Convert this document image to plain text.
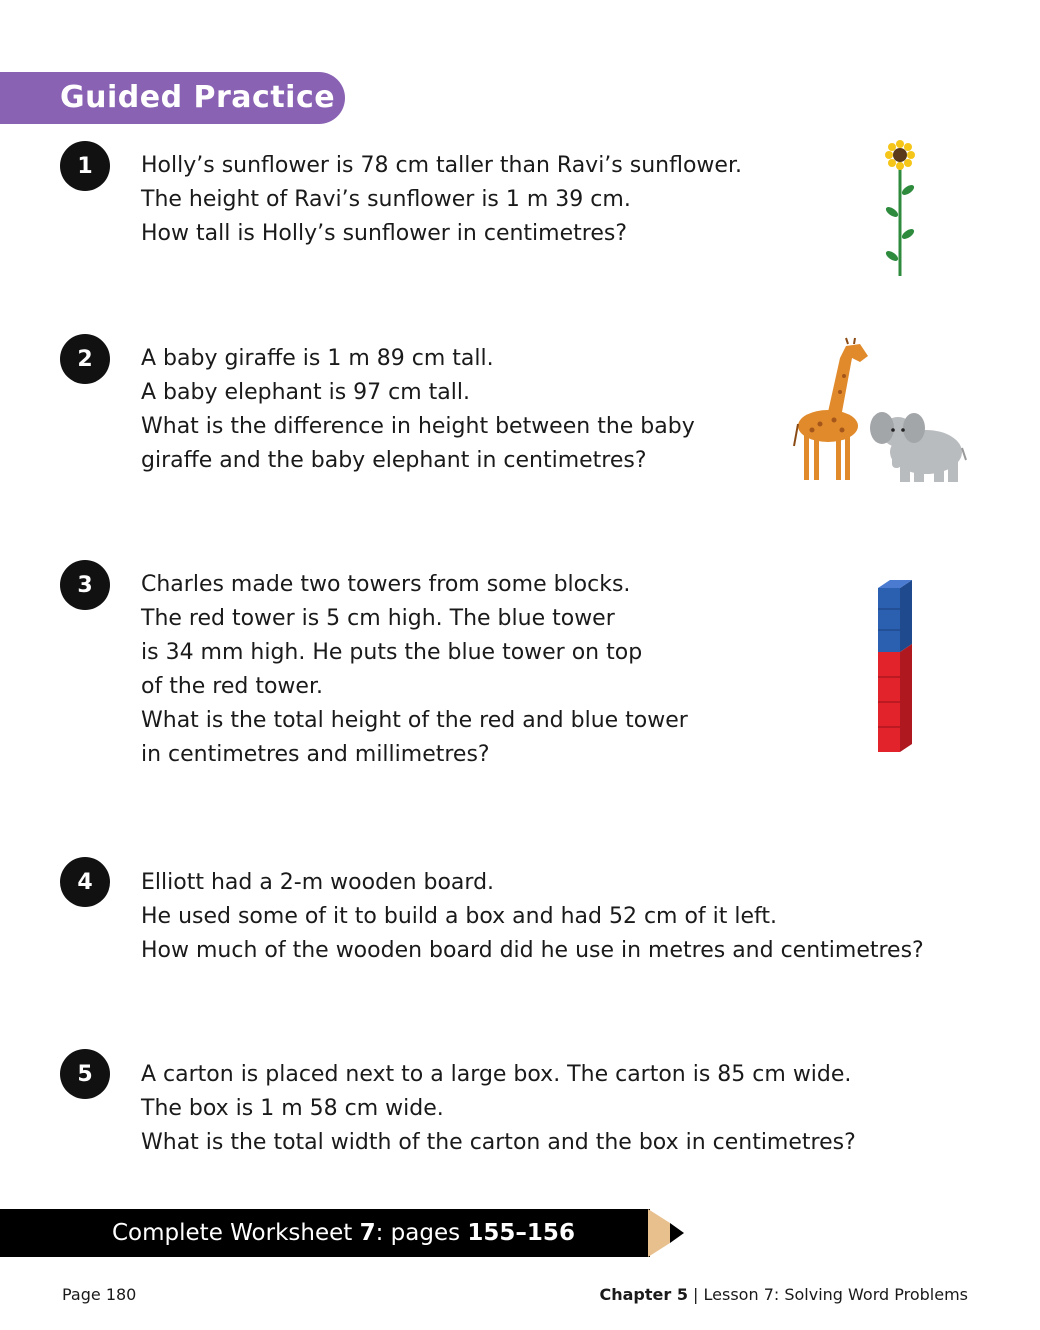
Guided Practice
1	Holly’s sunflower is 78 cm taller than Ravi’s sunflower.
The height of Ravi’s sunflower is 1 m 39 cm.
How tall is Holly’s sunflower in centimetres?
2	A baby giraffe is 1 m 89 cm tall.
A baby elephant is 97 cm tall.
What is the difference in height between the baby
giraffe and the baby elephant in centimetres?
3	Charles made two towers from some blocks.
The red tower is 5 cm high. The blue tower
is 34 mm high. He puts the blue tower on top
of the red tower.
What is the total height of the red and blue tower
in centimetres and millimetres?
4	Elliott had a 2-m wooden board.
He used some of it to build a box and had 52 cm of it left.
How much of the wooden board did he use in metres and centimetres?
5	A carton is placed next to a large box. The carton is 85 cm wide.
The box is 1 m 58 cm wide.
What is the total width of the carton and the box in centimetres?
Complete Worksheet 7: pages 155–156
Page 180	Chapter 5 | Lesson 7: Solving Word Problems
